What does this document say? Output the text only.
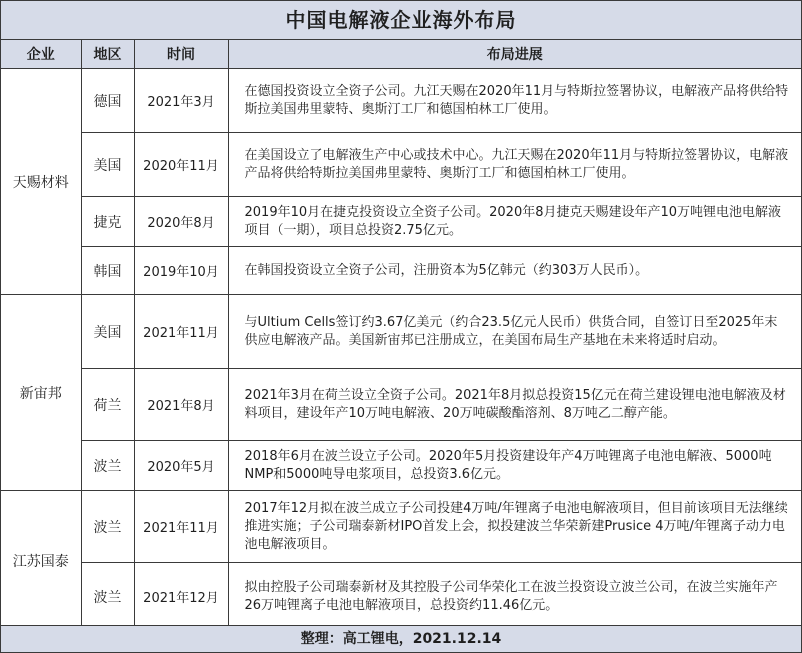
中国电解液企业海外布局
企业	地区	时间	布局进展
天赐材料	德国	2021年3月	在德国投资设立全资子公司。九江天赐在2020年11月与特斯拉签署协议，电解液产品将供给特斯拉美国弗里蒙特、奥斯汀工厂和德国柏林工厂使用。
	美国	2020年11月	在美国设立了电解液生产中心或技术中心。九江天赐在2020年11月与特斯拉签署协议，电解液产品将供给特斯拉美国弗里蒙特、奥斯汀工厂和德国柏林工厂使用。
	捷克	2020年8月	2019年10月在捷克投资设立全资子公司。2020年8月捷克天赐建设年产10万吨锂电池电解液项目（一期），项目总投资2.75亿元。
	韩国	2019年10月	在韩国投资设立全资子公司，注册资本为5亿韩元（约303万人民币）。
新宙邦	美国	2021年11月	与Ultium Cells签订约3.67亿美元（约合23.5亿元人民币）供货合同，自签订日至2025年末供应电解液产品。美国新宙邦已注册成立，在美国布局生产基地在未来将适时启动。
	荷兰	2021年8月	2021年3月在荷兰设立全资子公司。2021年8月拟总投资15亿元在荷兰建设锂电池电解液及材料项目，建设年产10万吨电解液、20万吨碳酸酯溶剂、8万吨乙二醇产能。
	波兰	2020年5月	2018年6月在波兰设立子公司。2020年5月投资建设年产4万吨锂离子电池电解液、5000吨NMP和5000吨导电浆项目，总投资3.6亿元。
江苏国泰	波兰	2021年11月	2017年12月拟在波兰成立子公司投建4万吨/年锂离子电池电解液项目，但目前该项目无法继续推进实施；子公司瑞泰新材IPO首发上会，拟投建波兰华荣新建Prusice 4万吨/年锂离子动力电池电解液项目。
	波兰	2021年12月	拟由控股子公司瑞泰新材及其控股子公司华荣化工在波兰投资设立波兰公司，在波兰实施年产26万吨锂离子电池电解液项目，总投资约11.46亿元。
整理：高工锂电，2021.12.14
